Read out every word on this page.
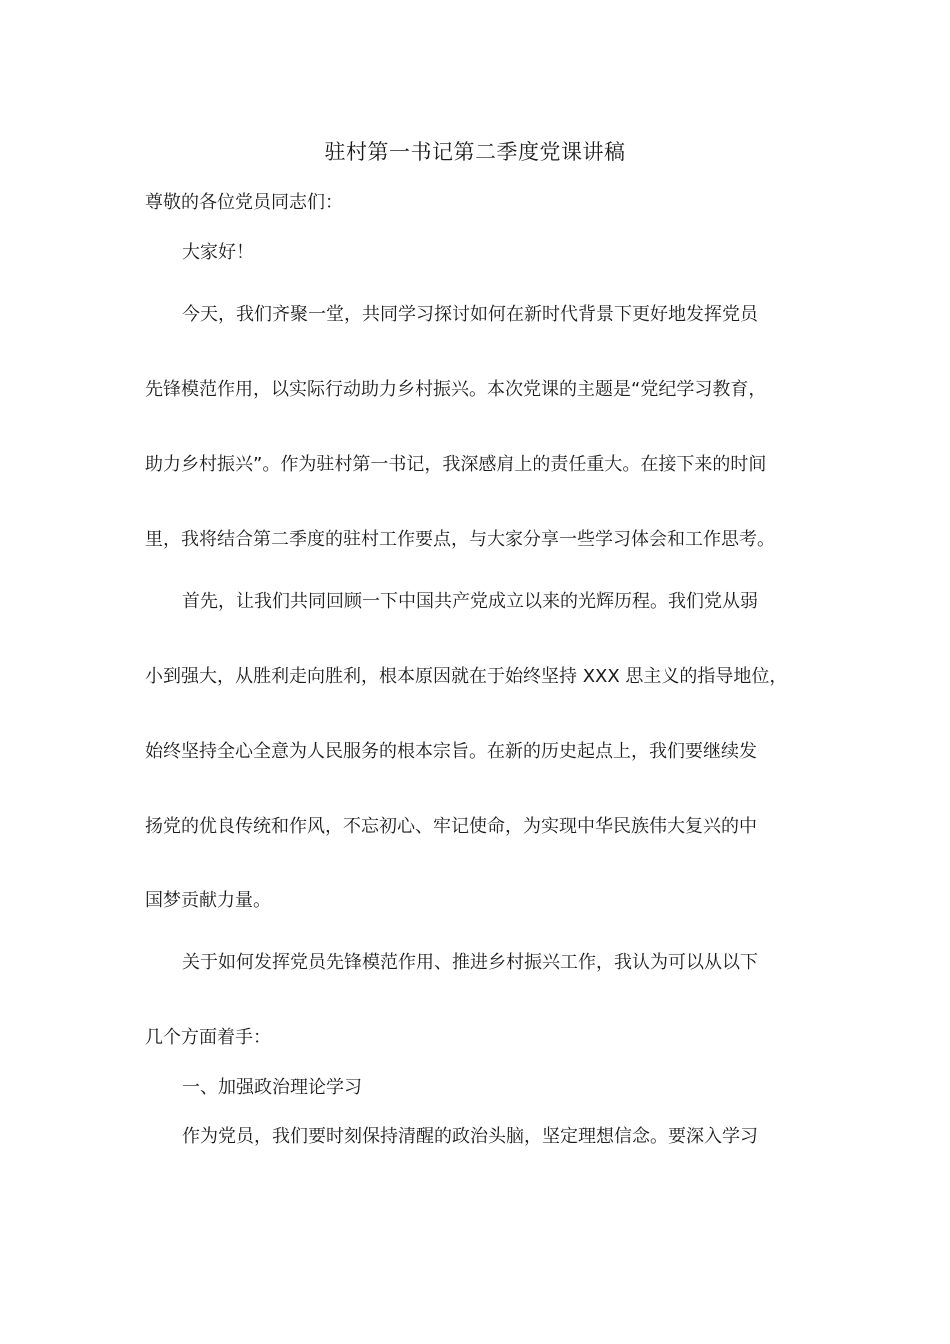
驻村第一书记第二季度党课讲稿
尊敬的各位党员同志们：
大家好！
今天，我们齐聚一堂，共同学习探讨如何在新时代背景下更好地发挥党员
先锋模范作用，以实际行动助力乡村振兴。本次党课的主题是“党纪学习教育，
助力乡村振兴”。作为驻村第一书记，我深感肩上的责任重大。在接下来的时间
里，我将结合第二季度的驻村工作要点，与大家分享一些学习体会和工作思考。
首先，让我们共同回顾一下中国共产党成立以来的光辉历程。我们党从弱
小到强大，从胜利走向胜利，根本原因就在于始终坚持 XXX 思主义的指导地位，
始终坚持全心全意为人民服务的根本宗旨。在新的历史起点上，我们要继续发
扬党的优良传统和作风，不忘初心、牢记使命，为实现中华民族伟大复兴的中
国梦贡献力量。
关于如何发挥党员先锋模范作用、推进乡村振兴工作，我认为可以从以下
几个方面着手：
一、加强政治理论学习
作为党员，我们要时刻保持清醒的政治头脑，坚定理想信念。要深入学习
